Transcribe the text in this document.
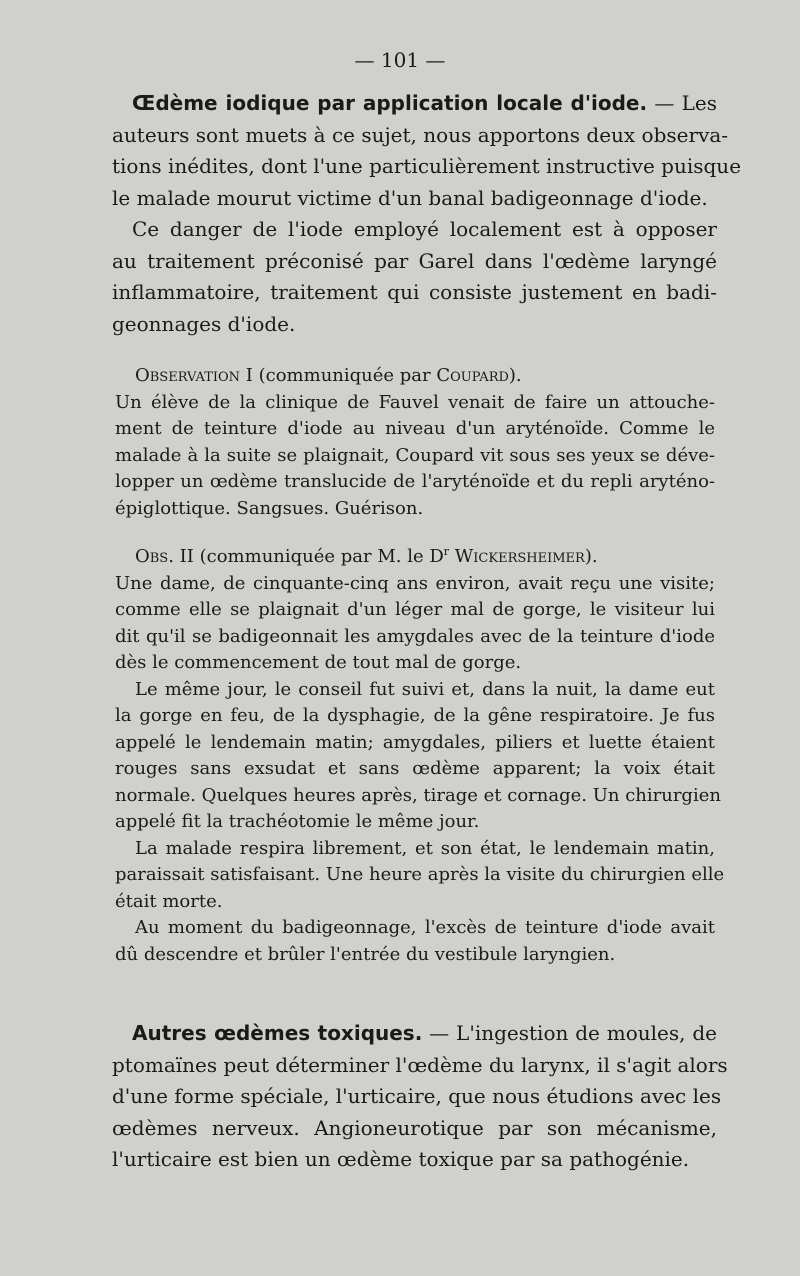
— 101 —
Œdème iodique par application locale d'iode. — Les
auteurs sont muets à ce sujet, nous apportons deux observa-
tions inédites, dont l'une particulièrement instructive puisque
le malade mourut victime d'un banal badigeonnage d'iode.
Ce danger de l'iode employé localement est à opposer
au traitement préconisé par Garel dans l'œdème laryngé
inflammatoire, traitement qui consiste justement en badi-
geonnages d'iode.
Observation I (communiquée par Coupard).
Un élève de la clinique de Fauvel venait de faire un attouche-
ment de teinture d'iode au niveau d'un aryténoïde. Comme le
malade à la suite se plaignait, Coupard vit sous ses yeux se déve-
lopper un œdème translucide de l'aryténoïde et du repli aryténo-
épiglottique. Sangsues. Guérison.
Obs. II (communiquée par M. le $D^r$ Wickersheimer).
Une dame, de cinquante-cinq ans environ, avait reçu une visite;
comme elle se plaignait d'un léger mal de gorge, le visiteur lui
dit qu'il se badigeonnait les amygdales avec de la teinture d'iode
dès le commencement de tout mal de gorge.
Le même jour, le conseil fut suivi et, dans la nuit, la dame eut
la gorge en feu, de la dysphagie, de la gêne respiratoire. Je fus
appelé le lendemain matin; amygdales, piliers et luette étaient
rouges sans exsudat et sans œdème apparent; la voix était
normale. Quelques heures après, tirage et cornage. Un chirurgien
appelé fit la trachéotomie le même jour.
La malade respira librement, et son état, le lendemain matin,
paraissait satisfaisant. Une heure après la visite du chirurgien elle
était morte.
Au moment du badigeonnage, l'excès de teinture d'iode avait
dû descendre et brûler l'entrée du vestibule laryngien.
Autres œdèmes toxiques. — L'ingestion de moules, de
ptomaïnes peut déterminer l'œdème du larynx, il s'agit alors
d'une forme spéciale, l'urticaire, que nous étudions avec les
œdèmes nerveux. Angioneurotique par son mécanisme,
l'urticaire est bien un œdème toxique par sa pathogénie.
